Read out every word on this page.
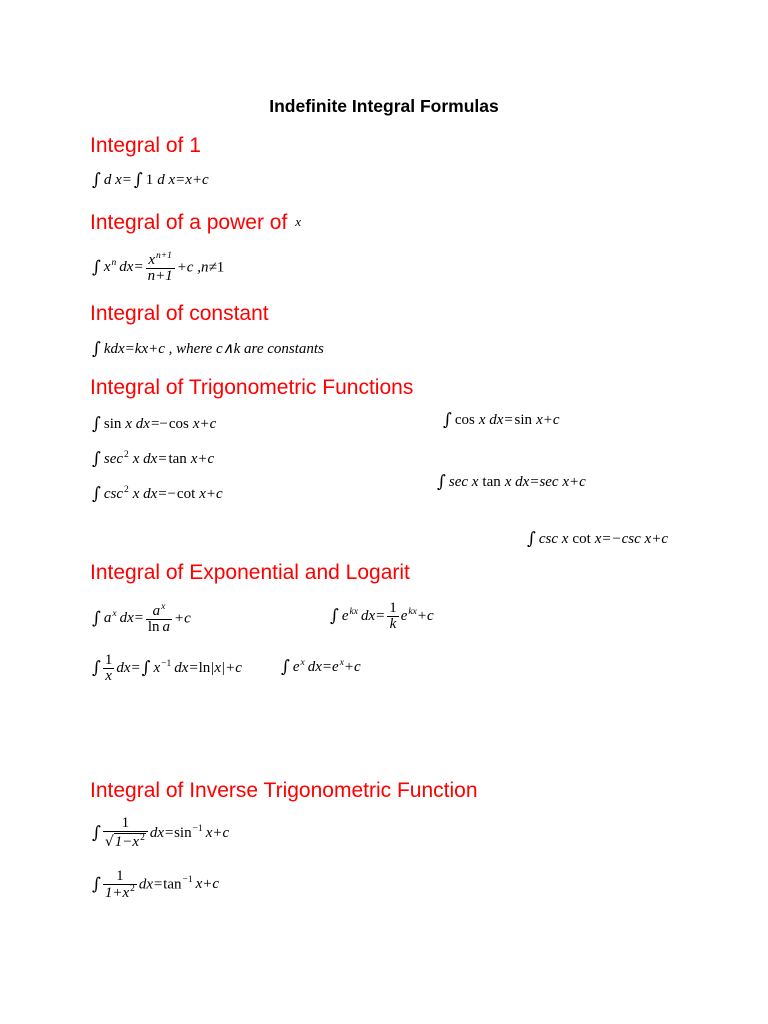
Indefinite Integral Formulas
Integral of 1
∫ d x= ∫ 1 d x=x+c
Integral of a power of x
∫ $x^n$ $dx= \frac{x^{n+1}}{n+1} +c$ ,n≠1
Integral of constant
∫ kdx=kx+c , where c∧k are constants
Integral of Trigonometric Functions
∫ sin x dx=−cos x+c
∫ $\sec^2 x$ dx=tan x+c
∫ $\csc^2 x$ dx=−cot x+c
∫ cos x dx=sin x+c
∫ sec x tan x dx=sec x+c
∫ csc x cot x=−csc x+c
Integral of Exponential and Logarit
∫ $a^x$ $dx= \frac{a^x}{\text{ln a}} +c$	∫ $e^{kx}$ $dx= \frac{1}{k} e^{kx}+c$
∫ $\frac{1}{x} dx=\int$ $x^{-1}$ dx=ln|x|+c ∫ $e^x$ $dx=e^x+c$
Integral of Inverse Trigonometric Function
∫ $\frac{1}{√1-x^2} dx=\sin^{-1}$ x+c
∫ $\frac{1}{1+x^2} dx=\tan^{-1}$ x+c
